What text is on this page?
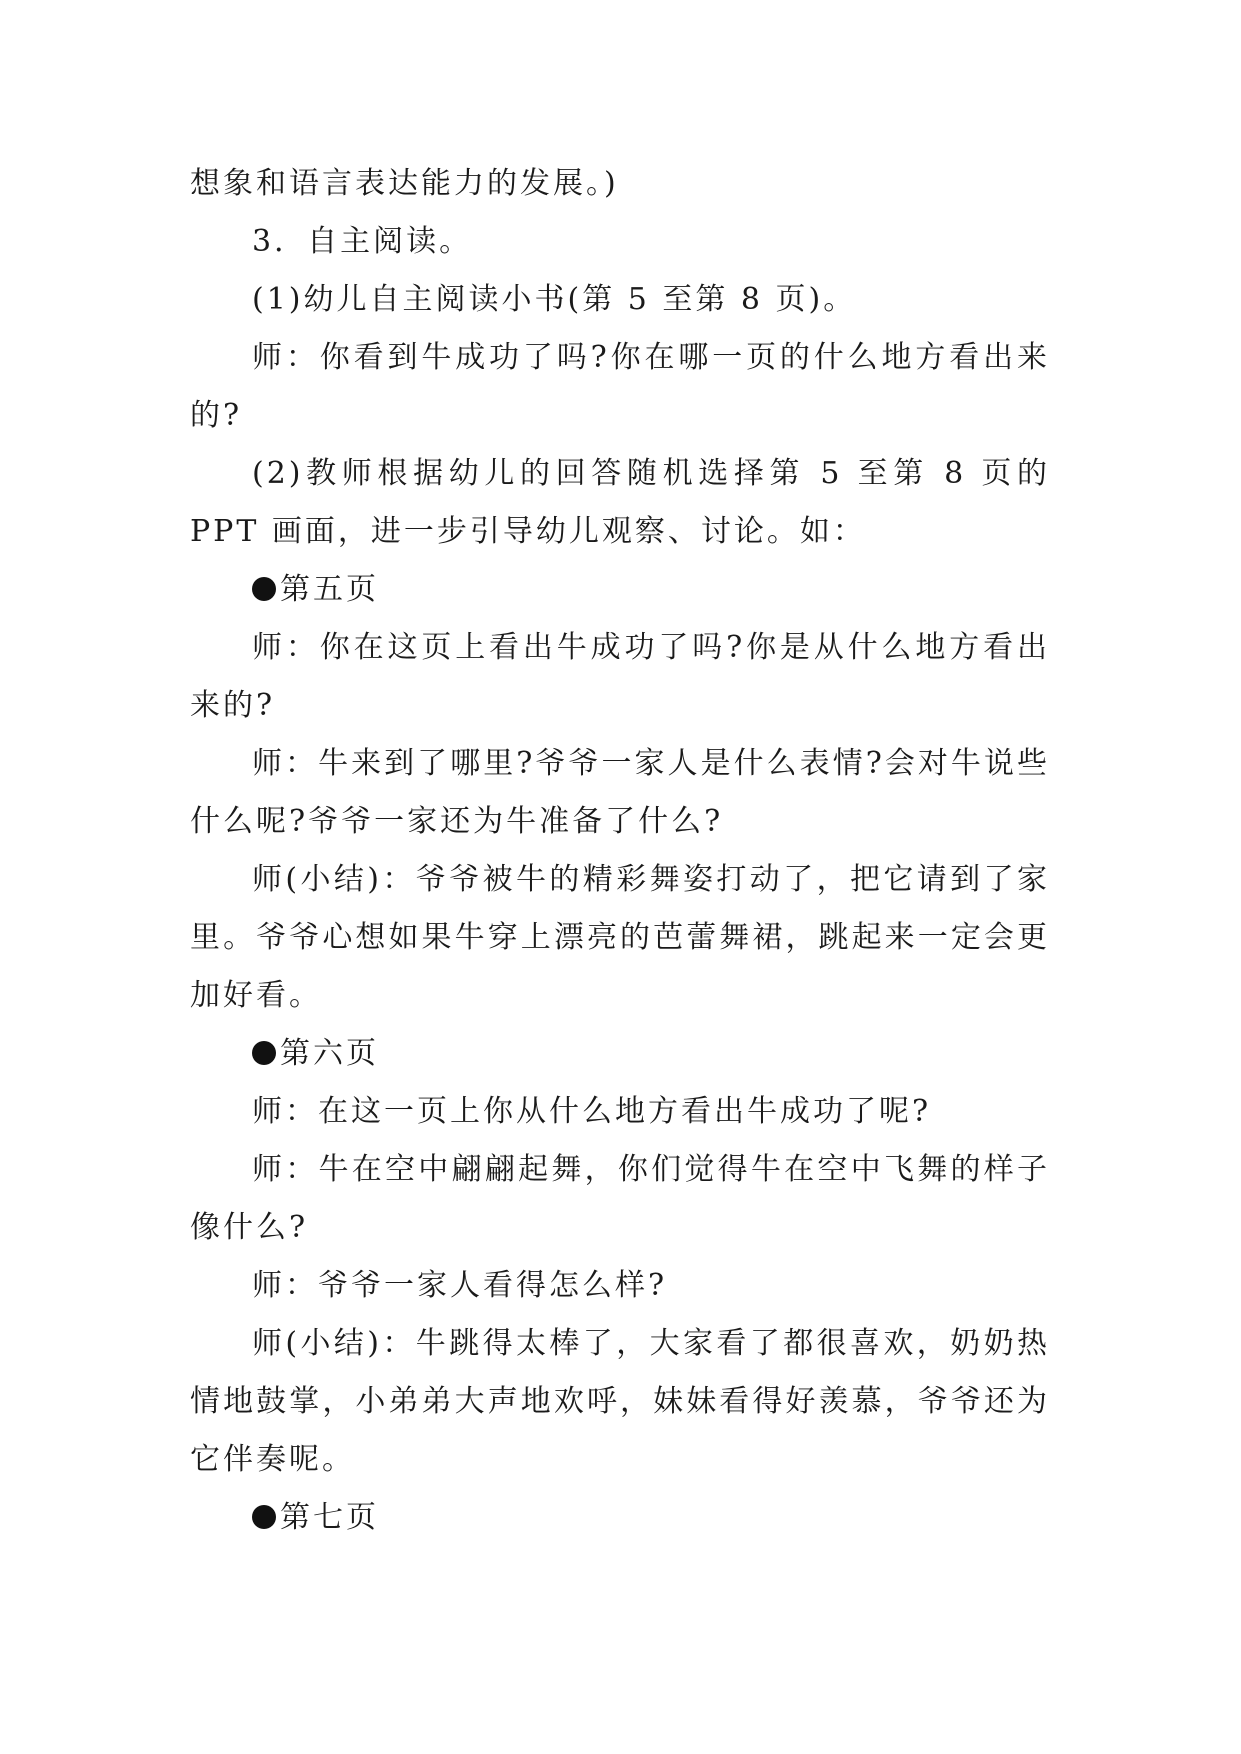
想象和语言表达能力的发展。)

3．自主阅读。

(1)幼儿自主阅读小书(第 5 至第 8 页)。

师：你看到牛成功了吗?你在哪一页的什么地方看出来的?

(2)教师根据幼儿的回答随机选择第 5 至第 8 页的 PPT 画面，进一步引导幼儿观察、讨论。如：

第五页

师：你在这页上看出牛成功了吗?你是从什么地方看出来的?

师：牛来到了哪里?爷爷一家人是什么表情?会对牛说些什么呢?爷爷一家还为牛准备了什么?

师(小结)：爷爷被牛的精彩舞姿打动了，把它请到了家里。爷爷心想如果牛穿上漂亮的芭蕾舞裙，跳起来一定会更加好看。

第六页

师：在这一页上你从什么地方看出牛成功了呢?

师：牛在空中翩翩起舞，你们觉得牛在空中飞舞的样子像什么?

师：爷爷一家人看得怎么样?

师(小结)：牛跳得太棒了，大家看了都很喜欢，奶奶热情地鼓掌，小弟弟大声地欢呼，妹妹看得好羡慕，爷爷还为它伴奏呢。

第七页
